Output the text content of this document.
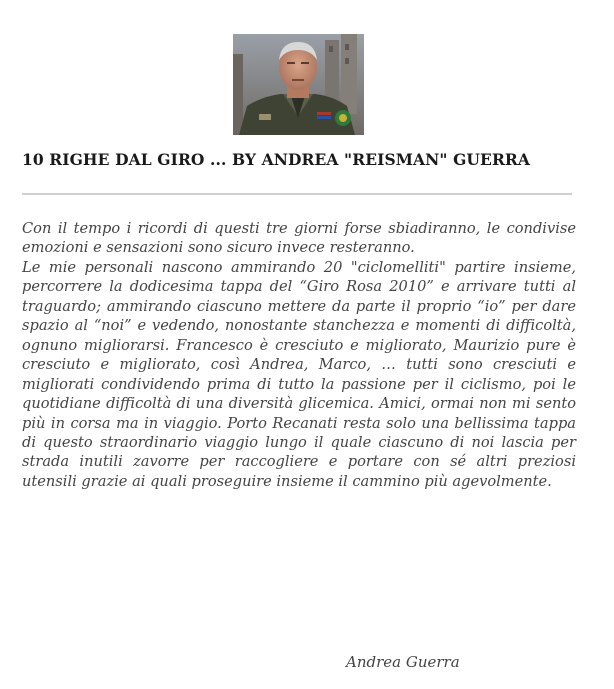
10 RIGHE DAL GIRO ... BY ANDREA "REISMAN" GUERRA

Con il tempo i ricordi di questi tre giorni forse sbiadiranno, le condivise emozioni e sensazioni sono sicuro invece resteranno.

Le mie personali nascono ammirando 20 "ciclomelliti" partire insieme, percorrere la dodicesima tappa del “Giro Rosa 2010” e arrivare tutti al traguardo; ammirando ciascuno mettere da parte il proprio “io” per dare spazio al “noi” e vedendo, nonostante stanchezza e momenti di difficoltà, ognuno migliorarsi. Francesco è cresciuto e migliorato, Maurizio pure è cresciuto e migliorato, così Andrea, Marco, … tutti sono cresciuti e migliorati condividendo prima di tutto la passione per il ciclismo, poi le quotidiane difficoltà di una diversità glicemica. Amici, ormai non mi sento più in corsa ma in viaggio. Porto Recanati resta solo una bellissima tappa di questo straordinario viaggio lungo il quale ciascuno di noi lascia per strada inutili zavorre per raccogliere e portare con sé altri preziosi utensili grazie ai quali proseguire insieme il cammino più agevolmente.

Andrea Guerra
